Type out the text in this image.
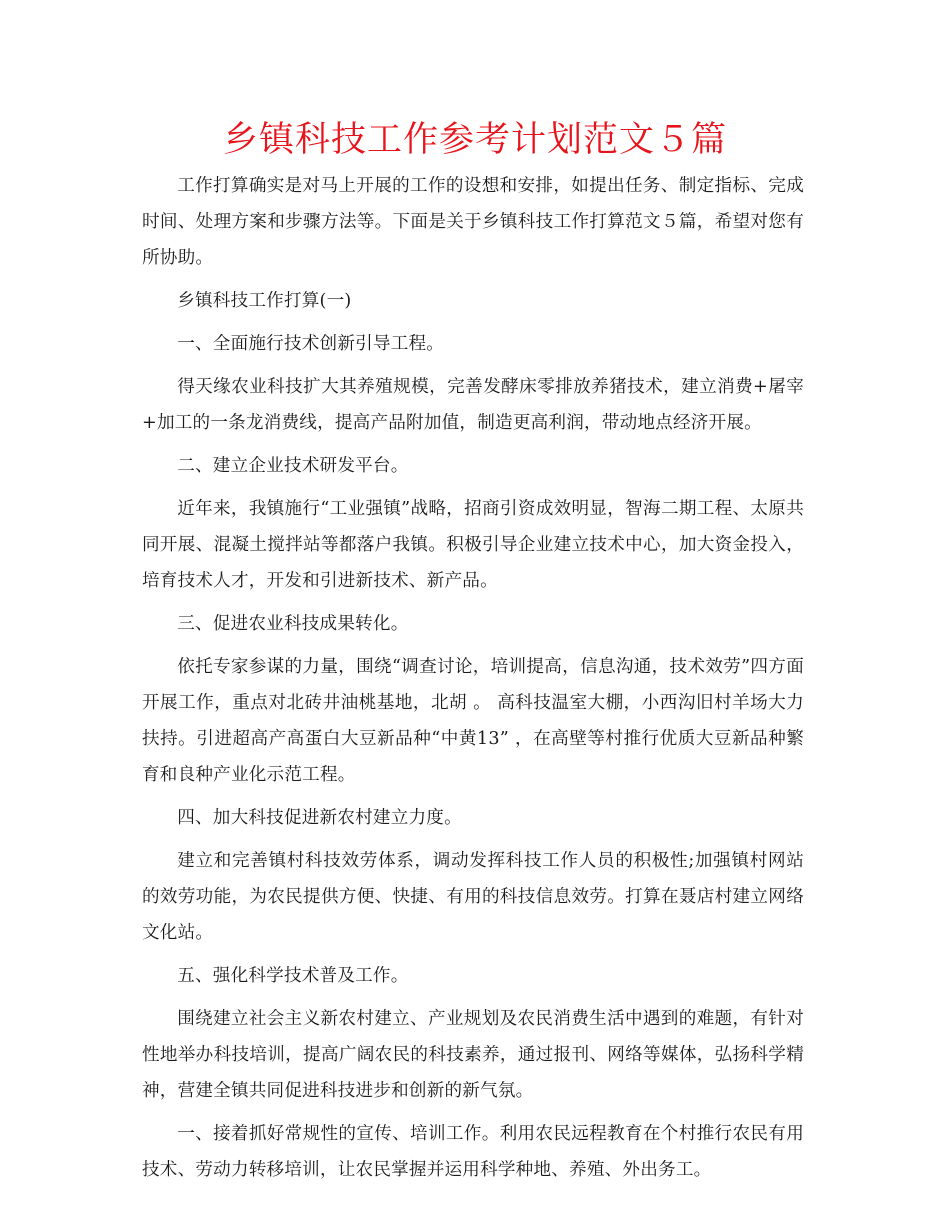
乡镇科技工作参考计划范文５篇

工作打算确实是对马上开展的工作的设想和安排，如提出任务、制定指标、完成时间、处理方案和步骤方法等。下面是关于乡镇科技工作打算范文５篇，希望对您有所协助。

乡镇科技工作打算(一)

一、全面施行技术创新引导工程。

得天缘农业科技扩大其养殖规模，完善发酵床零排放养猪技术，建立消费+屠宰+加工的一条龙消费线，提高产品附加值，制造更高利润，带动地点经济开展。

二、建立企业技术研发平台。

近年来，我镇施行“工业强镇”战略，招商引资成效明显，智海二期工程、太原共同开展、混凝土搅拌站等都落户我镇。积极引导企业建立技术中心，加大资金投入，培育技术人才，开发和引进新技术、新产品。

三、促进农业科技成果转化。

依托专家参谋的力量，围绕“调查讨论，培训提高，信息沟通，技术效劳”四方面开展工作，重点对北砖井油桃基地，北胡 。 高科技温室大棚，小西沟旧村羊场大力扶持。引进超高产高蛋白大豆新品种“中黄13” ，在高壁等村推行优质大豆新品种繁育和良种产业化示范工程。

四、加大科技促进新农村建立力度。

建立和完善镇村科技效劳体系，调动发挥科技工作人员的积极性;加强镇村网站的效劳功能，为农民提供方便、快捷、有用的科技信息效劳。打算在聂店村建立网络文化站。

五、强化科学技术普及工作。

围绕建立社会主义新农村建立、产业规划及农民消费生活中遇到的难题，有针对性地举办科技培训，提高广阔农民的科技素养，通过报刊、网络等媒体，弘扬科学精神，营建全镇共同促进科技进步和创新的新气氛。

一、接着抓好常规性的宣传、培训工作。利用农民远程教育在个村推行农民有用技术、劳动力转移培训，让农民掌握并运用科学种地、养殖、外出务工。
